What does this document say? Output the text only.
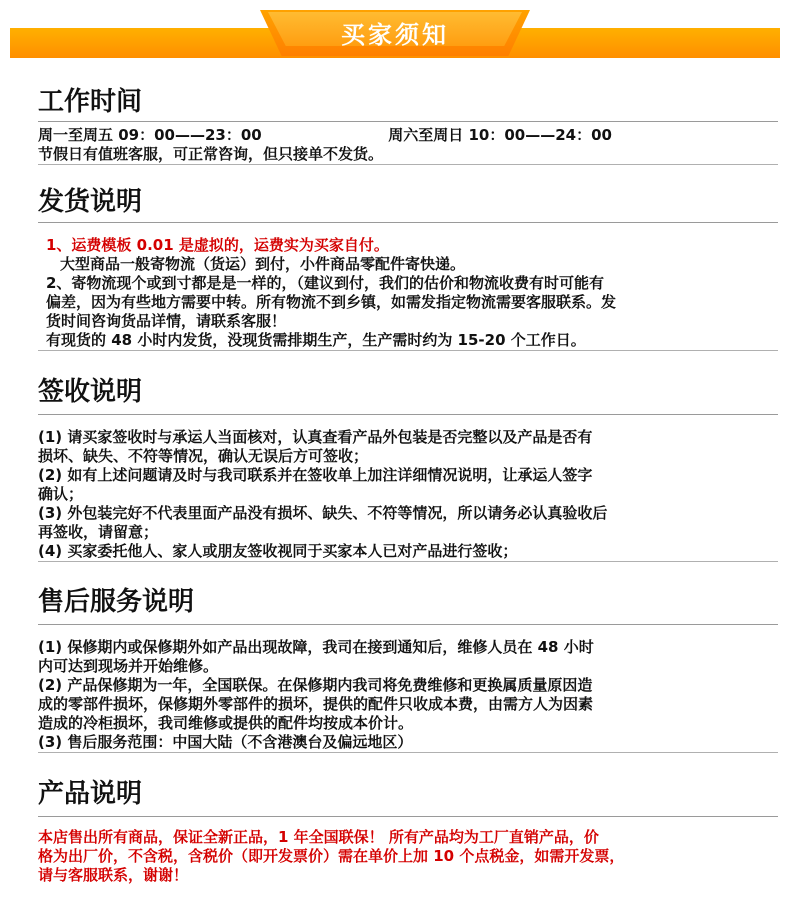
买家须知
工作时间
周一至周五 09：00——23：00	周六至周日 10：00——24：00
节假日有值班客服，可正常咨询，但只接单不发货。
发货说明
1、运费模板 0.01 是虚拟的，运费实为买家自付。
大型商品一般寄物流（货运）到付，小件商品零配件寄快递。
2、寄物流现个或到寸都是是一样的，（建议到付，我们的估价和物流收费有时可能有
偏差，因为有些地方需要中转。所有物流不到乡镇，如需发指定物流需要客服联系。发
货时间咨询货品详情，请联系客服！
有现货的 48 小时内发货，没现货需排期生产，生产需时约为 15-20 个工作日。
签收说明
(1) 请买家签收时与承运人当面核对，认真查看产品外包装是否完整以及产品是否有
损坏、缺失、不符等情况，确认无误后方可签收；
(2) 如有上述问题请及时与我司联系并在签收单上加注详细情况说明，让承运人签字
确认；
(3) 外包装完好不代表里面产品没有损坏、缺失、不符等情况，所以请务必认真验收后
再签收，请留意；
(4) 买家委托他人、家人或朋友签收视同于买家本人已对产品进行签收；
售后服务说明
(1) 保修期内或保修期外如产品出现故障，我司在接到通知后，维修人员在 48 小时
内可达到现场并开始维修。
(2) 产品保修期为一年，全国联保。在保修期内我司将免费维修和更换属质量原因造
成的零部件损坏，保修期外零部件的损坏，提供的配件只收成本费，由需方人为因素
造成的冷柜损坏，我司维修或提供的配件均按成本价计。
(3) 售后服务范围：中国大陆（不含港澳台及偏远地区）
产品说明
本店售出所有商品，保证全新正品，1 年全国联保！ 所有产品均为工厂直销产品，价
格为出厂价，不含税，含税价（即开发票价）需在单价上加 10 个点税金，如需开发票，
请与客服联系，谢谢！
